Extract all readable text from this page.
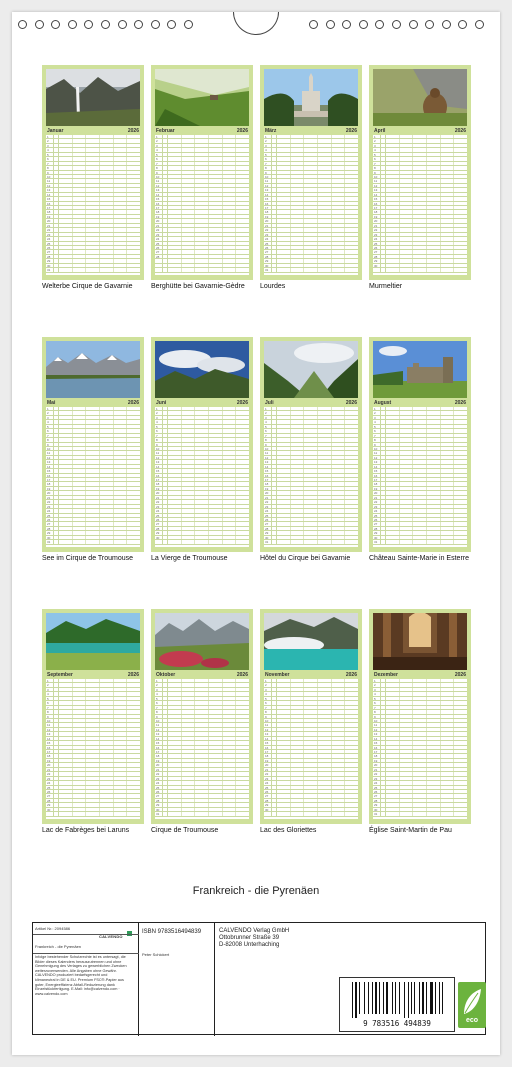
Januar	2026
1
2
3
4
5
6
7
8
9
10
11
12
13
14
15
16
17
18
19
20
21
22
23
24
25
26
27
28
29
30
31
Welterbe Cirque de Gavarnie
Februar	2026
1
2
3
4
5
6
7
8
9
10
11
12
13
14
15
16
17
18
19
20
21
22
23
24
25
26
27
28
Berghütte bei Gavarnie-Gèdre
März	2026
1
2
3
4
5
6
7
8
9
10
11
12
13
14
15
16
17
18
19
20
21
22
23
24
25
26
27
28
29
30
31
Lourdes
April	2026
1
2
3
4
5
6
7
8
9
10
11
12
13
14
15
16
17
18
19
20
21
22
23
24
25
26
27
28
29
30
Murmeltier
Mai	2026
1
2
3
4
5
6
7
8
9
10
11
12
13
14
15
16
17
18
19
20
21
22
23
24
25
26
27
28
29
30
31
See im Cirque de Troumouse
Juni	2026
1
2
3
4
5
6
7
8
9
10
11
12
13
14
15
16
17
18
19
20
21
22
23
24
25
26
27
28
29
30
La Vierge de Troumouse
Juli	2026
1
2
3
4
5
6
7
8
9
10
11
12
13
14
15
16
17
18
19
20
21
22
23
24
25
26
27
28
29
30
31
Hôtel du Cirque bei Gavarnie
August	2026
1
2
3
4
5
6
7
8
9
10
11
12
13
14
15
16
17
18
19
20
21
22
23
24
25
26
27
28
29
30
31
Château Sainte-Marie in Esterre
September	2026
1
2
3
4
5
6
7
8
9
10
11
12
13
14
15
16
17
18
19
20
21
22
23
24
25
26
27
28
29
30
Lac de Fabrèges bei Laruns
Oktober	2026
1
2
3
4
5
6
7
8
9
10
11
12
13
14
15
16
17
18
19
20
21
22
23
24
25
26
27
28
29
30
31
Cirque de Troumouse
November	2026
1
2
3
4
5
6
7
8
9
10
11
12
13
14
15
16
17
18
19
20
21
22
23
24
25
26
27
28
29
30
Lac des Gloriettes
Dezember	2026
1
2
3
4
5
6
7
8
9
10
11
12
13
14
15
16
17
18
19
20
21
22
23
24
25
26
27
28
29
30
31
Église Saint-Martin de Pau
Frankreich - die Pyrenäen
Artikel Nr.: 2094586
CALVENDO
Frankreich - die Pyrenäen
Infolge bestehender Schutzrechte ist es untersagt, die Bilder dieses Kalenders herauszutrennen und ohne Genehmigung des Verlages zu gewerblichen Zwecken weiterzuverwenden. Alle Angaben ohne Gewähr. CALVENDO produziert bedarfsgerecht und klimaneutral in DE & EU. Premium FSC®-Papier aus guter, Energieeffizienz Abfall-Reduzierung dank Einzelstückfertigung. E-Mail: info@calvendo.com · www.calvendo.com
ISBN 9783516494839
Peter Schickert
CALVENDO Verlag GmbH
Ottobrunner Straße 39
D-82008 Unterhaching
9 783516 494839	eco
